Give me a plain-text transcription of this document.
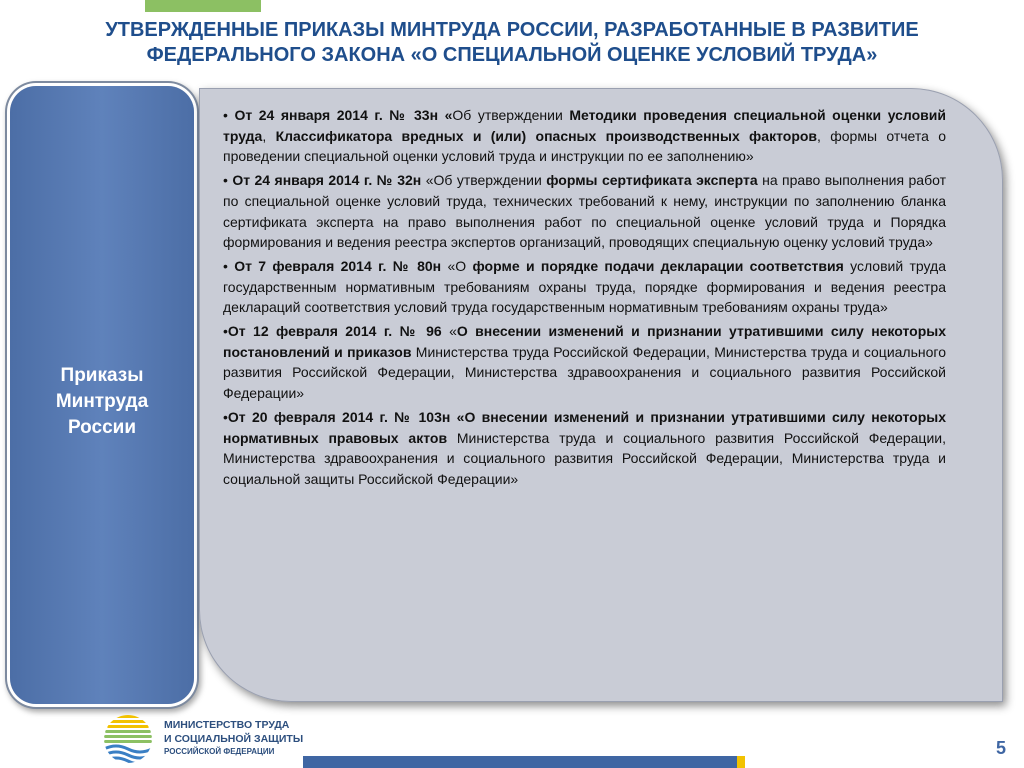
УТВЕРЖДЕННЫЕ ПРИКАЗЫ МИНТРУДА РОССИИ, РАЗРАБОТАННЫЕ В РАЗВИТИЕ
ФЕДЕРАЛЬНОГО ЗАКОНА «О СПЕЦИАЛЬНОЙ ОЦЕНКЕ УСЛОВИЙ ТРУДА»
Приказы
Минтруда
России
• От 24 января 2014 г. № 33н «Об утверждении Методики проведения специальной оценки условий труда, Классификатора вредных и (или) опасных производственных факторов, формы отчета о проведении специальной оценки условий труда и инструкции по ее заполнению»
• От 24 января 2014 г. № 32н «Об утверждении формы сертификата эксперта на право выполнения работ по специальной оценке условий труда, технических требований к нему, инструкции по заполнению бланка сертификата эксперта на право выполнения работ по специальной оценке условий труда и Порядка формирования и ведения реестра экспертов организаций, проводящих специальную оценку условий труда»
• От 7 февраля 2014 г. № 80н «О форме и порядке подачи декларации соответствия условий труда государственным нормативным требованиям охраны труда, порядке формирования и ведения реестра деклараций соответствия условий труда государственным нормативным требованиям охраны труда»
•От 12 февраля 2014 г. № 96 «О внесении изменений и признании утратившими силу некоторых постановлений и приказов Министерства труда Российской Федерации, Министерства труда и социального развития Российской Федерации, Министерства здравоохранения и социального развития Российской Федерации»
•От 20 февраля 2014 г. № 103н «О внесении изменений и признании утратившими силу некоторых нормативных правовых актов Министерства труда и социального развития Российской Федерации, Министерства здравоохранения и социального развития Российской Федерации, Министерства труда и социальной защиты Российской Федерации»
МИНИСТЕРСТВО ТРУДА
И СОЦИАЛЬНОЙ ЗАЩИТЫ
РОССИЙСКОЙ ФЕДЕРАЦИИ	5
